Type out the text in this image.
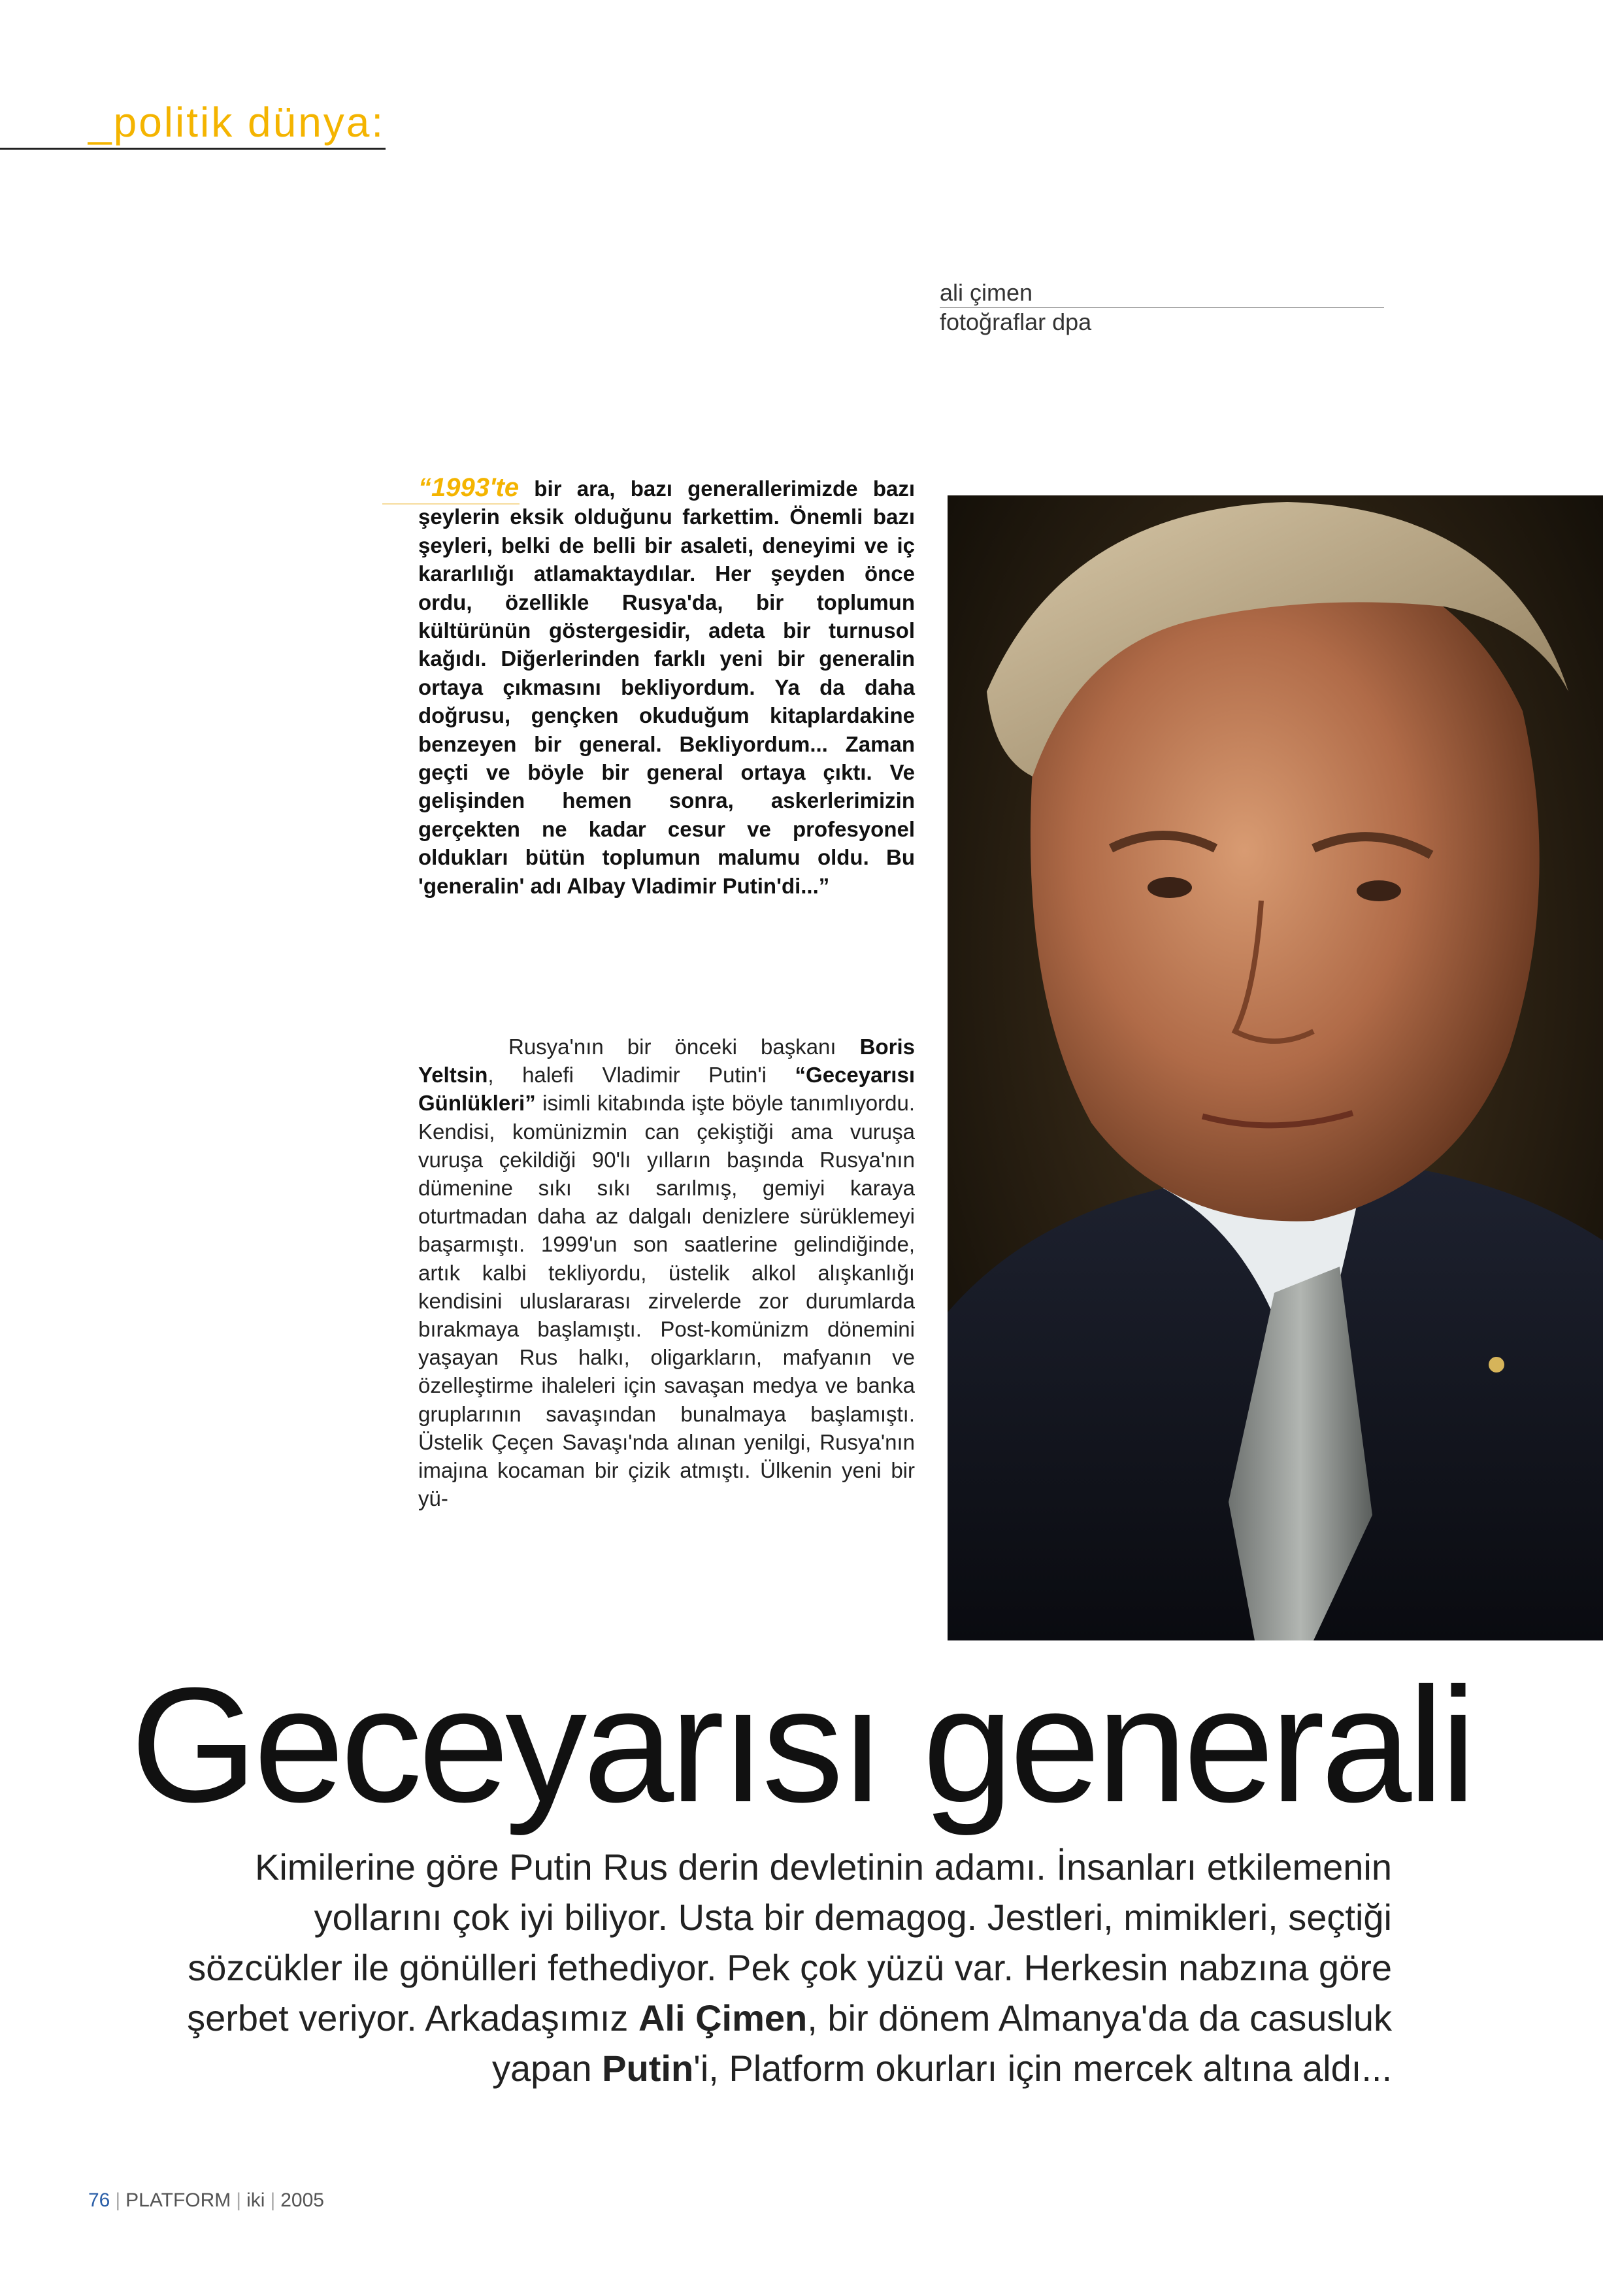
_politik dünya:
ali çimen
fotoğraflar dpa
“1993'te bir ara, bazı generallerimizde bazı şeylerin eksik olduğunu farkettim. Önemli bazı şeyleri, belki de belli bir asaleti, deneyimi ve iç kararlılığı atlamaktaydılar. Her şeyden önce ordu, özellikle Rusya'da, bir toplumun kültürünün göstergesidir, adeta bir turnusol kağıdı. Diğerlerinden farklı yeni bir generalin ortaya çıkmasını bekliyordum. Ya da daha doğrusu, gençken okuduğum kitaplardakine benzeyen bir general. Bekliyordum... Zaman geçti ve böyle bir general ortaya çıktı. Ve gelişinden hemen sonra, askerlerimizin gerçekten ne kadar cesur ve profesyonel oldukları bütün toplumun malumu oldu. Bu 'generalin' adı Albay Vladimir Putin'di...”
Rusya'nın bir önceki başkanı Boris Yeltsin, halefi Vladimir Putin'i “Geceyarısı Günlükleri” isimli kitabında işte böyle tanımlıyordu. Kendisi, komünizmin can çekiştiği ama vuruşa vuruşa çekildiği 90'lı yılların başında Rusya'nın dümenine sıkı sıkı sarılmış, gemiyi karaya oturtmadan daha az dalgalı denizlere sürüklemeyi başarmıştı. 1999'un son saatlerine gelindiğinde, artık kalbi tekliyordu, üstelik alkol alışkanlığı kendisini uluslararası zirvelerde zor durumlarda bırakmaya başlamıştı. Post-komünizm dönemini yaşayan Rus halkı, oligarkların, mafyanın ve özelleştirme ihaleleri için savaşan medya ve banka gruplarının savaşından bunalmaya başlamıştı. Üstelik Çeçen Savaşı'nda alınan yenilgi, Rusya'nın imajına kocaman bir çizik atmıştı. Ülkenin yeni bir yü-
Geceyarısı generali
Kimilerine göre Putin Rus derin devletinin adamı. İnsanları etkilemenin yollarını çok iyi biliyor. Usta bir demagog. Jestleri, mimikleri, seçtiği sözcükler ile gönülleri fethediyor. Pek çok yüzü var. Herkesin nabzına göre şerbet veriyor. Arkadaşımız Ali Çimen, bir dönem Almanya'da da casusluk yapan Putin'i, Platform okurları için mercek altına aldı...
76 | PLATFORM | iki | 2005
